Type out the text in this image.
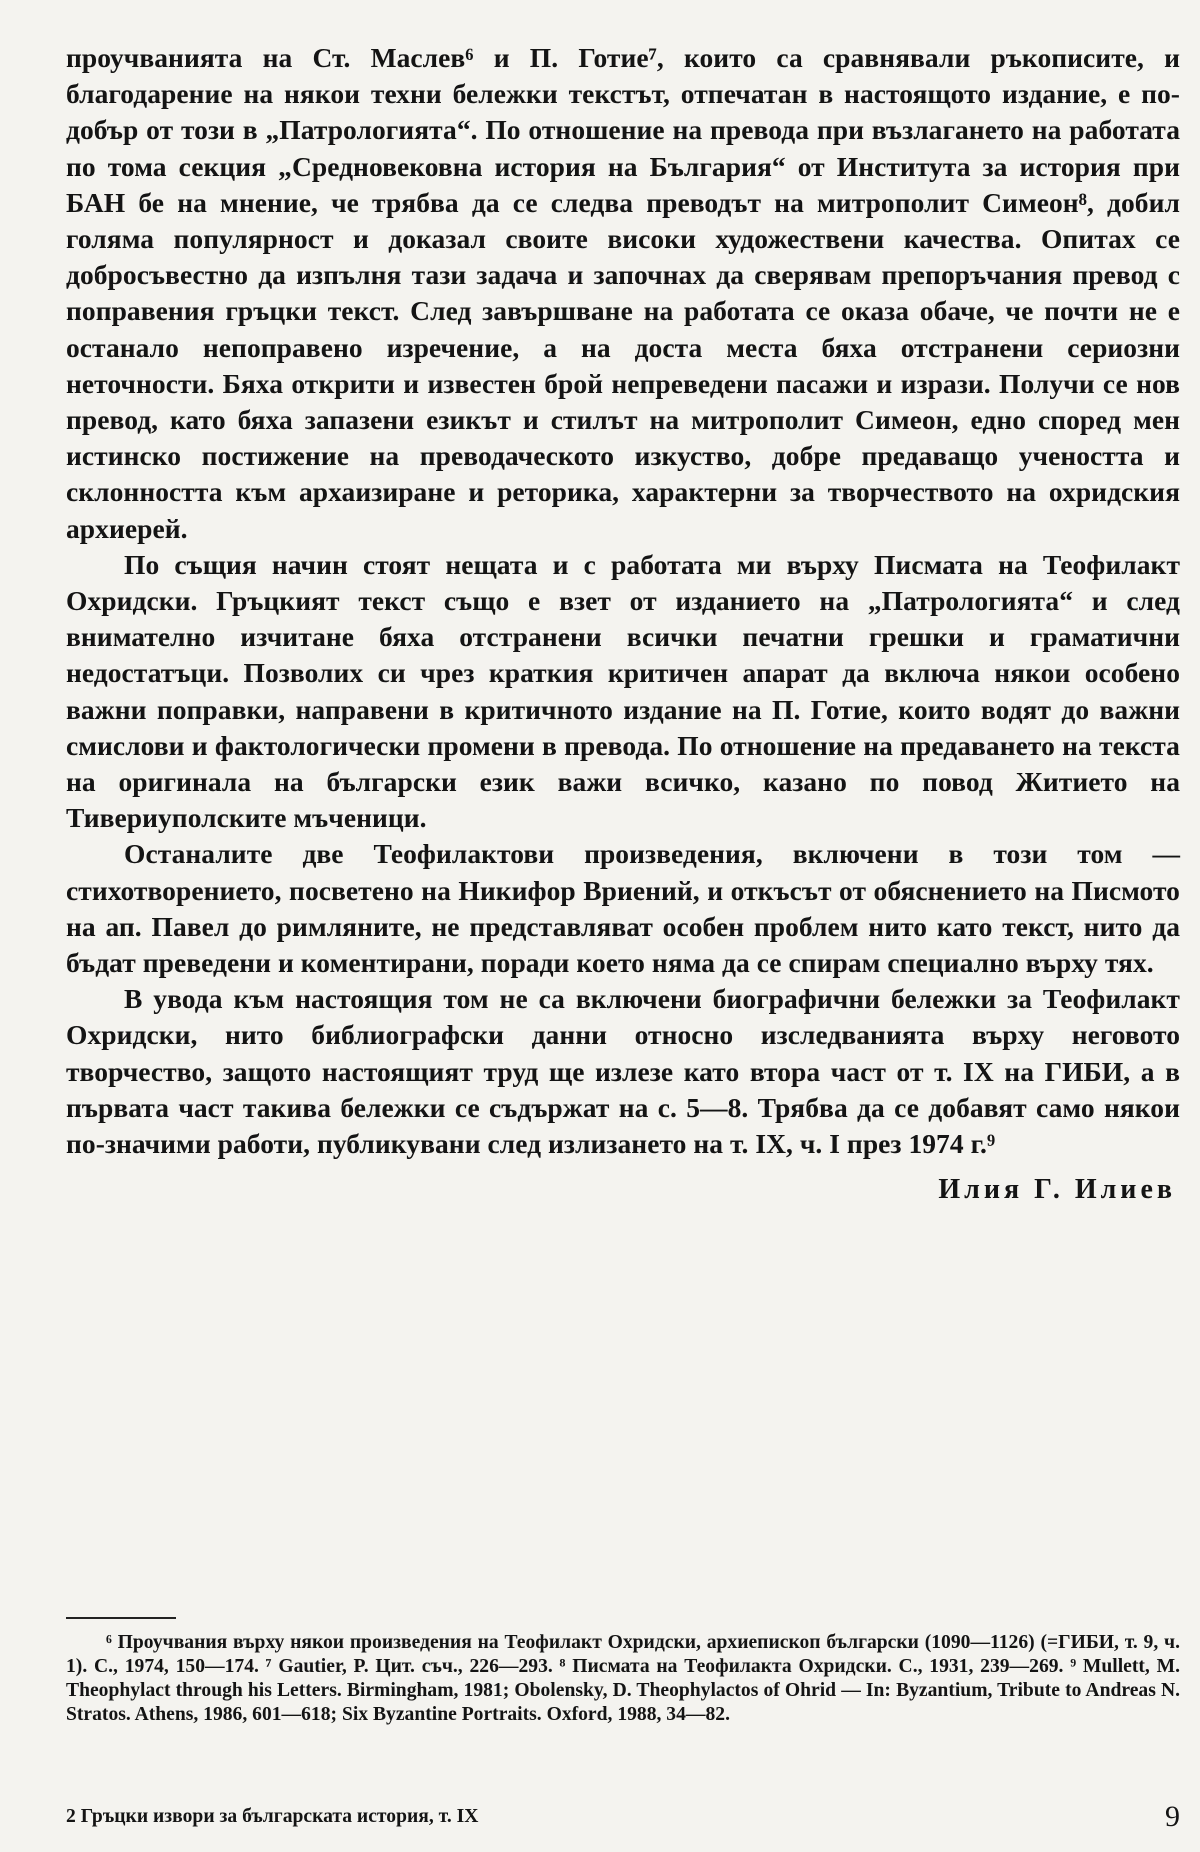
проучванията на Ст. Маслев⁶ и П. Готие⁷, които са сравнявали ръкописите, и благодарение на някои техни бележки текстът, отпечатан в настоящото издание, е по-добър от този в „Патрологията“. По отношение на превода при възлагането на работата по тома секция „Средновековна история на България“ от Института за история при БАН бе на мнение, че трябва да се следва преводът на митрополит Симеон⁸, добил голяма популярност и доказал своите високи художествени качества. Опитах се добросъвестно да изпълня тази задача и започнах да сверявам препоръчания превод с поправения гръцки текст. След завършване на работата се оказа обаче, че почти не е останало непоправено изречение, а на доста места бяха отстранени сериозни неточности. Бяха открити и известен брой непреведени пасажи и изрази. Получи се нов превод, като бяха запазени езикът и стилът на митрополит Симеон, едно според мен истинско постижение на преводаческото изкуство, добре предаващо учеността и склонността към архаизиране и реторика, характерни за творчеството на охридския архиерей.

По същия начин стоят нещата и с работата ми върху Писмата на Теофилакт Охридски. Гръцкият текст също е взет от изданието на „Патрологията“ и след внимателно изчитане бяха отстранени всички печатни грешки и граматични недостатъци. Позволих си чрез краткия критичен апарат да включа някои особено важни поправки, направени в критичното издание на П. Готие, които водят до важни смислови и фактологически промени в превода. По отношение на предаването на текста на оригинала на български език важи всичко, казано по повод Житието на Тивериуполските мъченици.

Останалите две Теофилактови произведения, включени в този том — стихотворението, посветено на Никифор Вриений, и откъсът от обяснението на Писмото на ап. Павел до римляните, не представляват особен проблем нито като текст, нито да бъдат преведени и коментирани, поради което няма да се спирам специално върху тях.

В увода към настоящия том не са включени биографични бележки за Теофилакт Охридски, нито библиографски данни относно изследванията върху неговото творчество, защото настоящият труд ще излезе като втора част от т. IX на ГИБИ, а в първата част такива бележки се съдържат на с. 5—8. Трябва да се добавят само някои по-значими работи, публикувани след излизането на т. IX, ч. I през 1974 г.⁹

Илия Г. Илиев

⁶ Проучвания върху някои произведения на Теофилакт Охридски, архиепископ български (1090—1126) (=ГИБИ, т. 9, ч. 1). С., 1974, 150—174. ⁷ Gautier, P. Цит. съч., 226—293. ⁸ Писмата на Теофилакта Охридски. С., 1931, 239—269. ⁹ Mullett, M. Theophylact through his Letters. Birmingham, 1981; Obolensky, D. Theophylactos of Ohrid — In: Byzantium, Tribute to Andreas N. Stratos. Athens, 1986, 601—618; Six Byzantine Portraits. Oxford, 1988, 34—82.

2 Гръцки извори за българската история, т. IX	9
